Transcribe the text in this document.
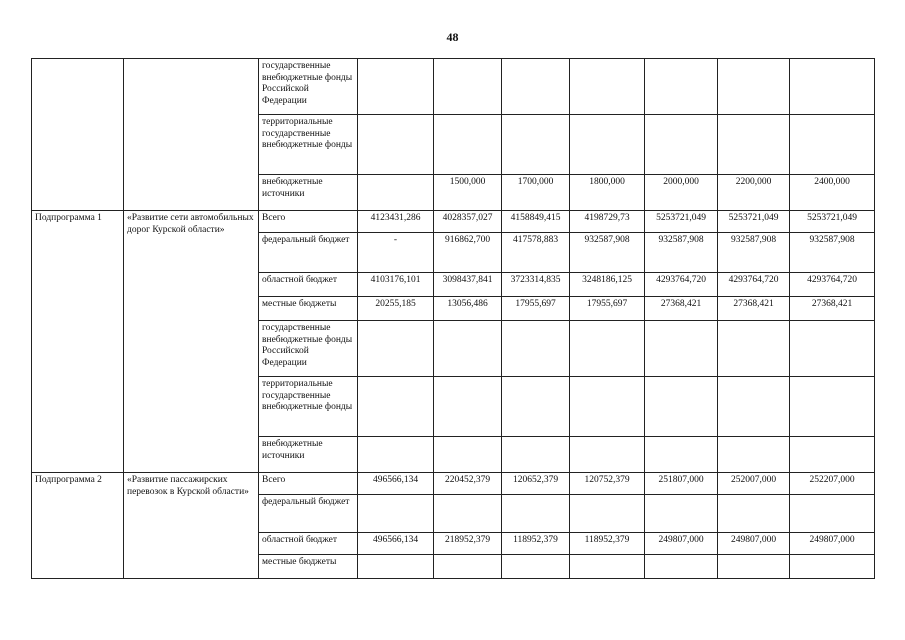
48
		государственные внебюджетные фонды Российской Федерации							
		территориальные государственные внебюджетные фонды							
		внебюджетные источники		1500,000	1700,000	1800,000	2000,000	2200,000	2400,000
Подпрограмма 1	«Развитие сети автомобильных дорог Курской области»	Всего	4123431,286	4028357,027	4158849,415	4198729,73	5253721,049	5253721,049	5253721,049
		федеральный бюджет	-	916862,700	417578,883	932587,908	932587,908	932587,908	932587,908
		областной бюджет	4103176,101	3098437,841	3723314,835	3248186,125	4293764,720	4293764,720	4293764,720
		местные бюджеты	20255,185	13056,486	17955,697	17955,697	27368,421	27368,421	27368,421
		государственные внебюджетные фонды Российской Федерации							
		территориальные государственные внебюджетные фонды							
		внебюджетные источники							
Подпрограмма 2	«Развитие пассажирских перевозок в Курской области»	Всего	496566,134	220452,379	120652,379	120752,379	251807,000	252007,000	252207,000
		федеральный бюджет							
		областной бюджет	496566,134	218952,379	118952,379	118952,379	249807,000	249807,000	249807,000
		местные бюджеты							
